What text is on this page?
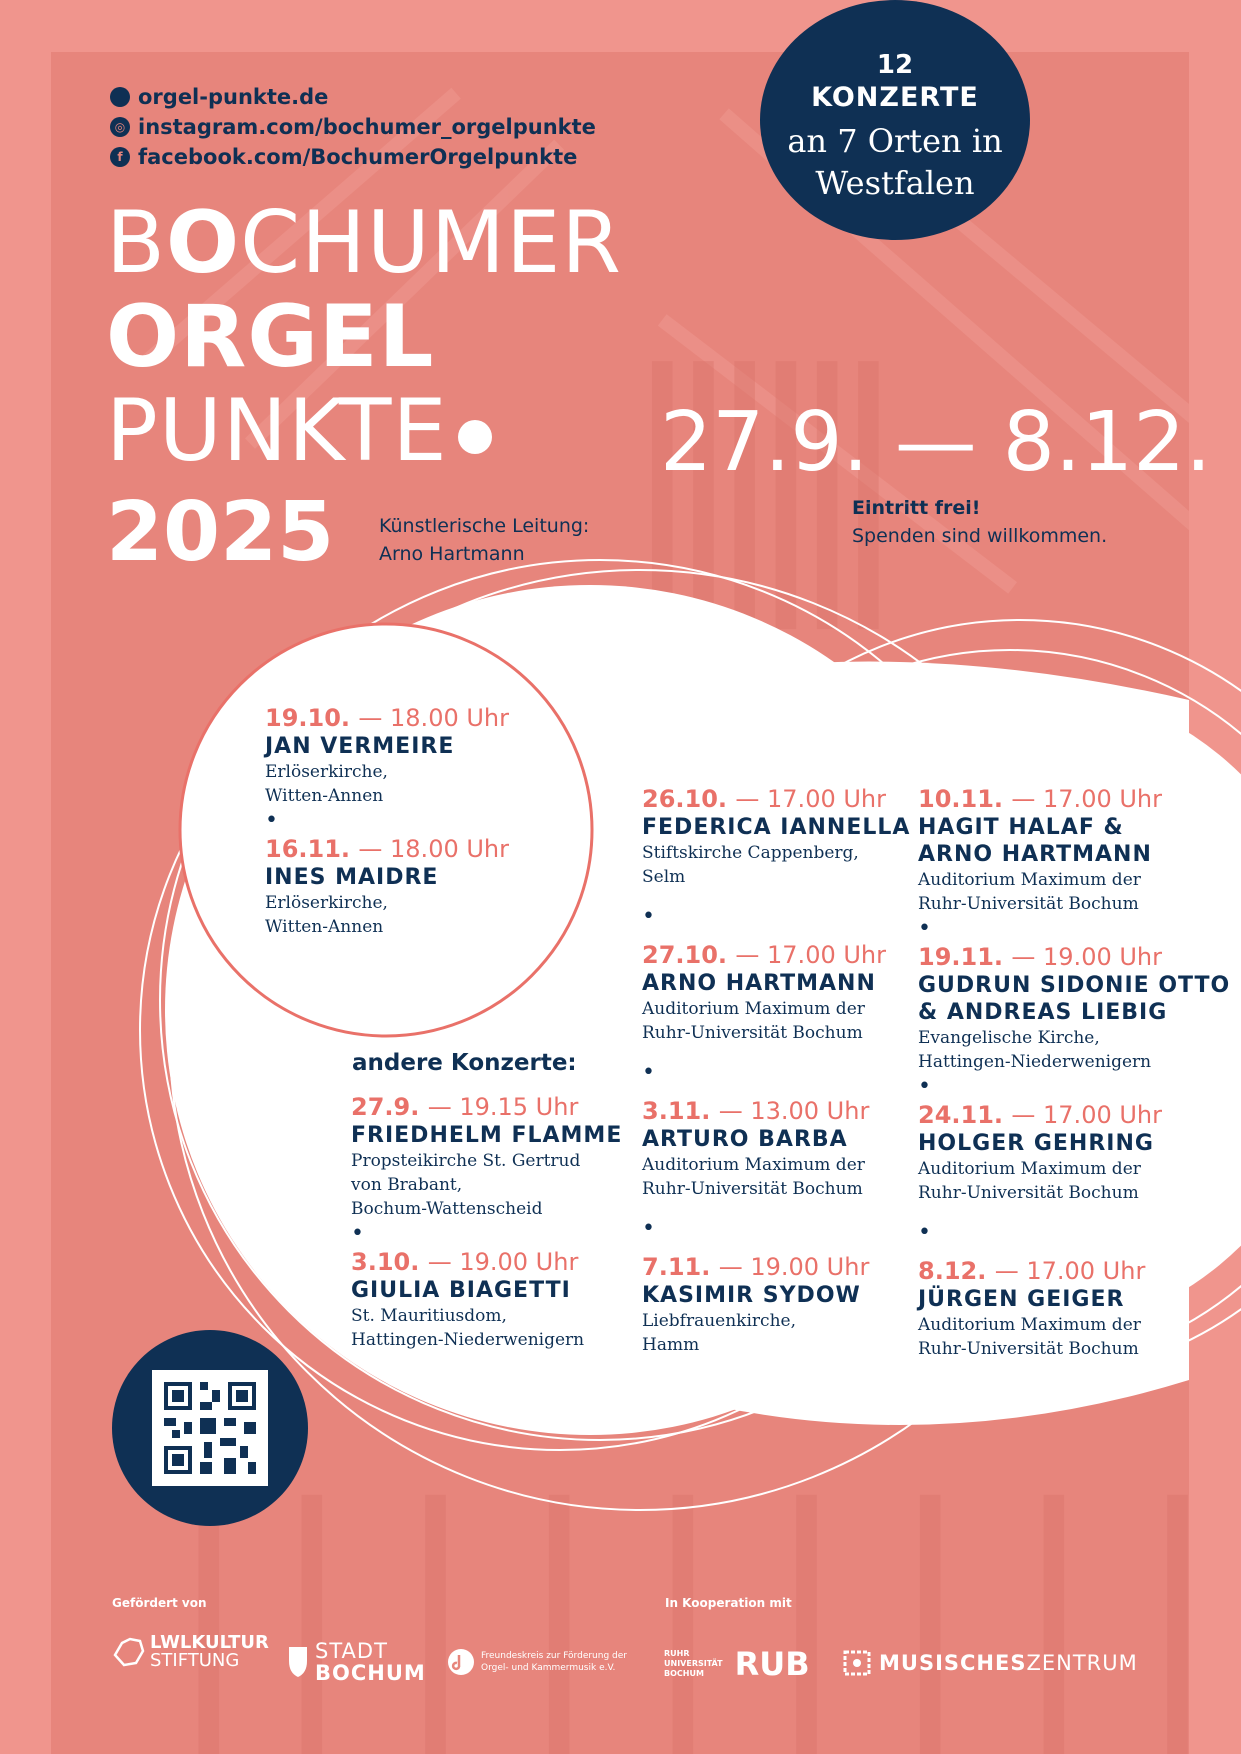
orgel-punkte.de
◎ instagram.com/bochumer_orgelpunkte
f facebook.com/BochumerOrgelpunkte
12
KONZERTE
an 7 Orten in
Westfalen
BOCHUMER
ORGEL
PUNKTE
2025 Künstlerische Leitung:
Arno Hartmann
27.9. — 8.12.
Eintritt frei!
Spenden sind willkommen.
19.10. — 18.00 Uhr
JAN VERMEIRE
Erlöserkirche,
Witten-Annen
•
16.11. — 18.00 Uhr
INES MAIDRE
Erlöserkirche,
Witten-Annen
andere Konzerte:
27.9. — 19.15 Uhr
FRIEDHELM FLAMME
Propsteikirche St. Gertrud
von Brabant,
Bochum-Wattenscheid
•
3.10. — 19.00 Uhr
GIULIA BIAGETTI
St. Mauritiusdom,
Hattingen-Niederwenigern
26.10. — 17.00 Uhr
FEDERICA IANNELLA
Stiftskirche Cappenberg,
Selm
•
27.10. — 17.00 Uhr
ARNO HARTMANN
Auditorium Maximum der
Ruhr-Universität Bochum
•
3.11. — 13.00 Uhr
ARTURO BARBA
Auditorium Maximum der
Ruhr-Universität Bochum
•
7.11. — 19.00 Uhr
KASIMIR SYDOW
Liebfrauenkirche,
Hamm
10.11. — 17.00 Uhr
HAGIT HALAF &
ARNO HARTMANN
Auditorium Maximum der
Ruhr-Universität Bochum
•
19.11. — 19.00 Uhr
GUDRUN SIDONIE OTTO
& ANDREAS LIEBIG
Evangelische Kirche,
Hattingen-Niederwenigern
•
24.11. — 17.00 Uhr
HOLGER GEHRING
Auditorium Maximum der
Ruhr-Universität Bochum
•
8.12. — 17.00 Uhr
JÜRGEN GEIGER
Auditorium Maximum der
Ruhr-Universität Bochum
Gefördert von	In Kooperation mit
LWLKULTUR
STIFTUNG	STADT
BOCHUM
Freundeskreis zur Förderung der
Orgel- und Kammermusik e.V.
RUHR
UNIVERSITÄT
BOCHUM RUB	MUSISCHESZENTRUM
